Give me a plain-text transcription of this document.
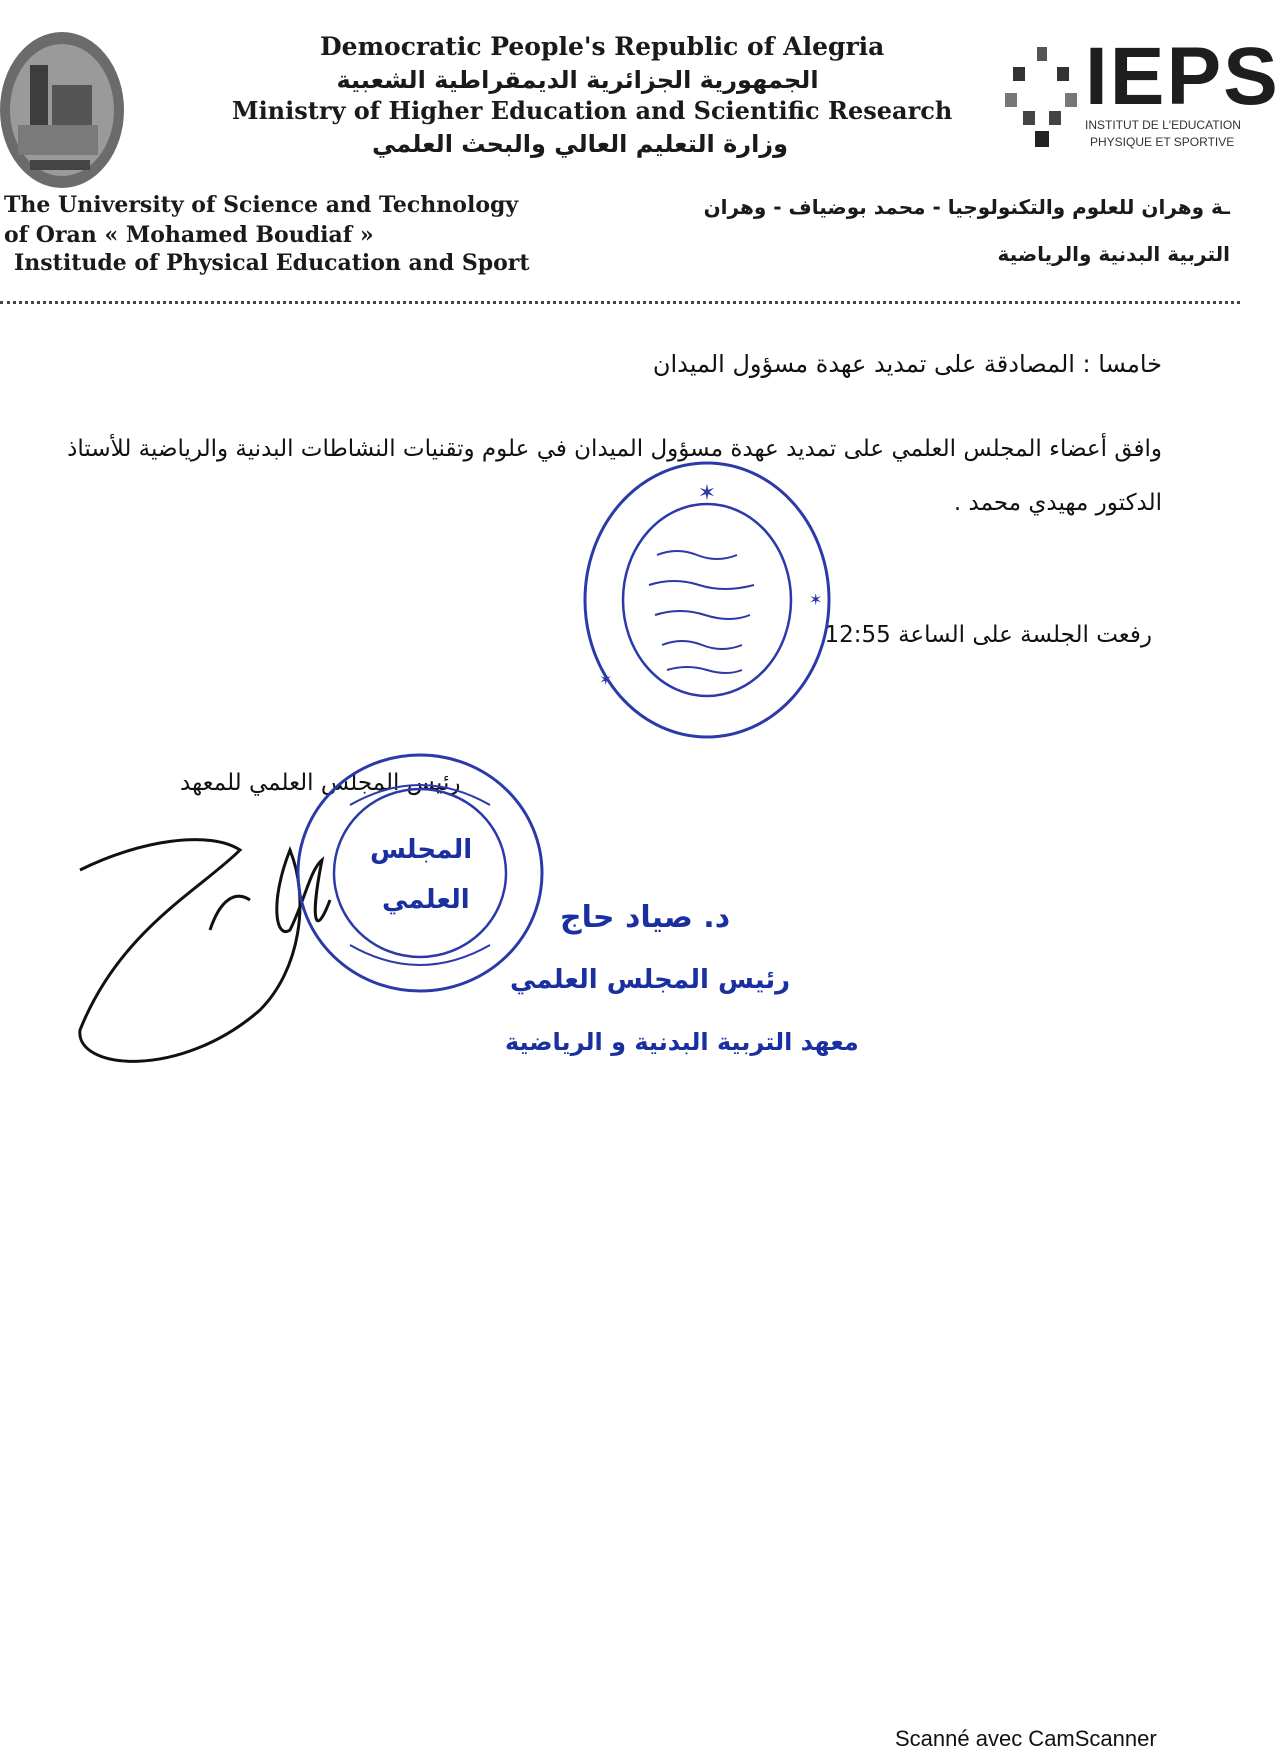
Democratic People's Republic of Alegria
الجمهورية الجزائرية الديمقراطية الشعبية
Ministry of Higher Education and Scientific Research
وزارة التعليم العالي والبحث العلمي
IEPS
INSTITUT DE L'EDUCATION
PHYSIQUE ET SPORTIVE
The University of Science and Technology
of Oran « Mohamed Boudiaf »
Institude of Physical Education and Sport
ـة وهران للعلوم والتكنولوجيا - محمد بوضياف - وهران
التربية البدنية والرياضية
خامسا : المصادقة على تمديد عهدة مسؤول الميدان
وافق أعضاء المجلس العلمي على تمديد عهدة مسؤول الميدان في علوم وتقنيات النشاطات البدنية والرياضية للأستاذ
الدكتور مهيدي محمد .
رفعت الجلسة على الساعة 12:55
✶
✶
✶
رئيس المجلس العلمي للمعهد
المجلس
العلمي	د. صياد حاج
رئيس المجلس العلمي
معهد التربية البدنية و الرياضية
Scanné avec CamScanner
